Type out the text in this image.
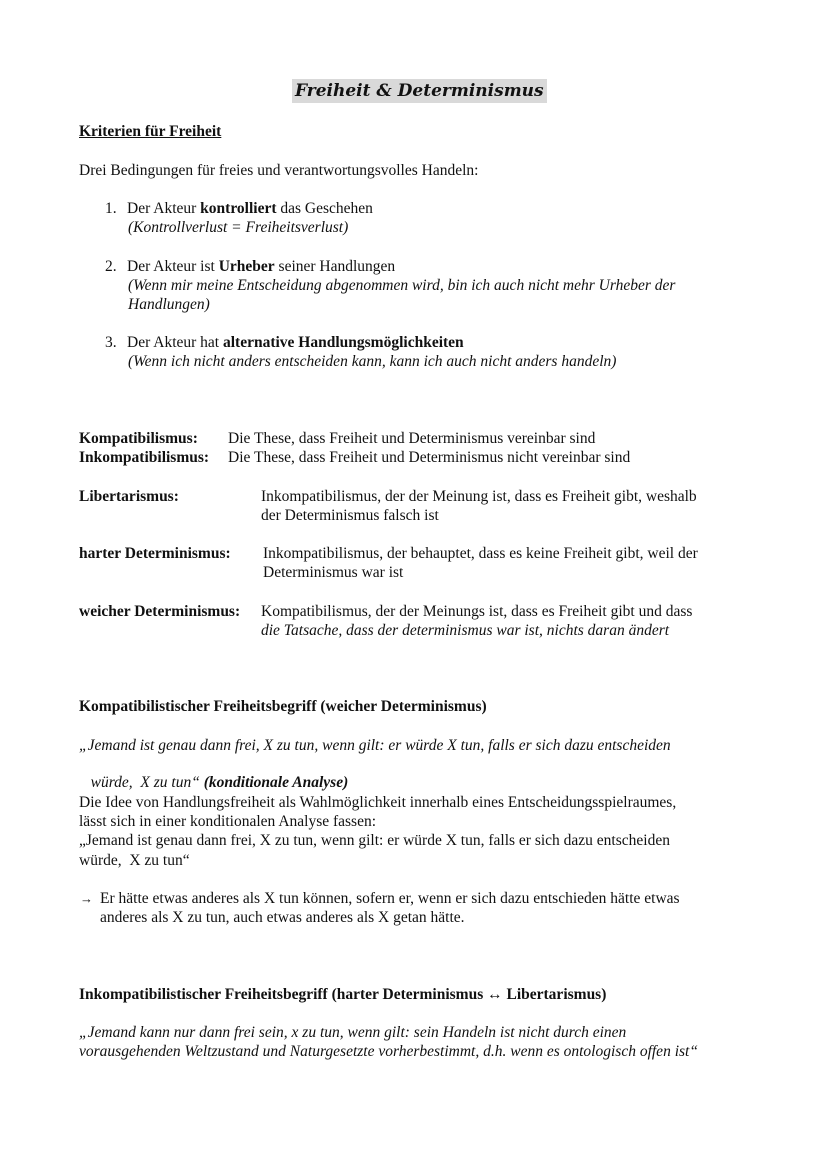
Freiheit & Determinismus
Kriterien für Freiheit
Drei Bedingungen für freies und verantwortungsvolles Handeln:
1. Der Akteur kontrolliert das Geschehen
(Kontrollverlust = Freiheitsverlust)
2. Der Akteur ist Urheber seiner Handlungen
(Wenn mir meine Entscheidung abgenommen wird, bin ich auch nicht mehr Urheber der
Handlungen)
3. Der Akteur hat alternative Handlungsmöglichkeiten
(Wenn ich nicht anders entscheiden kann, kann ich auch nicht anders handeln)
Kompatibilismus: Die These, dass Freiheit und Determinismus vereinbar sind
Inkompatibilismus: Die These, dass Freiheit und Determinismus nicht vereinbar sind
Libertarismus:	Inkompatibilismus, der der Meinung ist, dass es Freiheit gibt, weshalb
der Determinismus falsch ist
harter Determinismus: Inkompatibilismus, der behauptet, dass es keine Freiheit gibt, weil der
Determinismus war ist
weicher Determinismus: Kompatibilismus, der der Meinungs ist, dass es Freiheit gibt und dass
die Tatsache, dass der determinismus war ist, nichts daran ändert
Kompatibilistischer Freiheitsbegriff (weicher Determinismus)
„Jemand ist genau dann frei, X zu tun, wenn gilt: er würde X tun, falls er sich dazu entscheiden

würde,  X zu tun“ (konditionale Analyse)

Die Idee von Handlungsfreiheit als Wahlmöglichkeit innerhalb eines Entscheidungsspielraumes,
lässt sich in einer konditionalen Analyse fassen:
„Jemand ist genau dann frei, X zu tun, wenn gilt: er würde X tun, falls er sich dazu entscheiden
würde,  X zu tun“
→ Er hätte etwas anderes als X tun können, sofern er, wenn er sich dazu entschieden hätte etwas
anderes als X zu tun, auch etwas anderes als X getan hätte.
Inkompatibilistischer Freiheitsbegriff (harter Determinismus ↔ Libertarismus)
„Jemand kann nur dann frei sein, x zu tun, wenn gilt: sein Handeln ist nicht durch einen
vorausgehenden Weltzustand und Naturgesetzte vorherbestimmt, d.h. wenn es ontologisch offen ist“
